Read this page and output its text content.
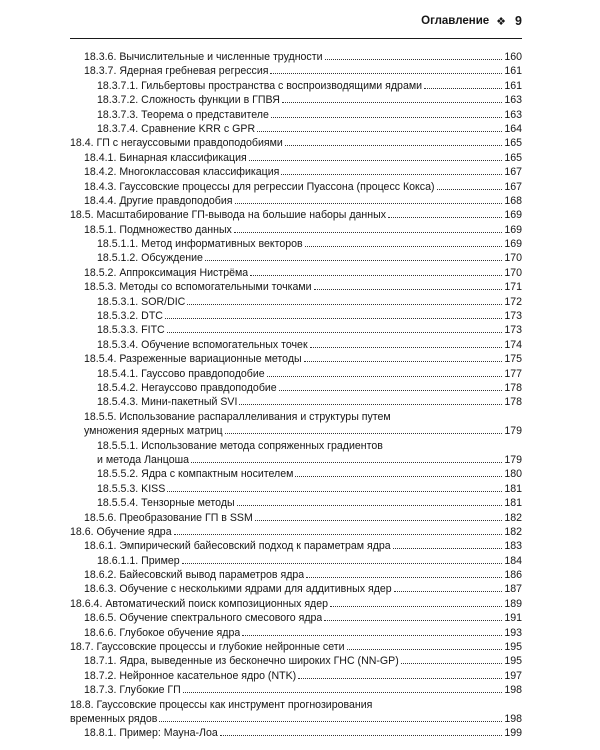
Оглавление ❖ 9
18.3.6. Вычислительные и численные трудности	160
18.3.7. Ядерная гребневая регрессия	161
18.3.7.1. Гильбертовы пространства с воспроизводящими ядрами	161
18.3.7.2. Сложность функции в ГПВЯ	163
18.3.7.3. Теорема о представителе	163
18.3.7.4. Сравнение KRR с GPR	164
18.4. ГП с негауссовыми правдоподобиями	165
18.4.1. Бинарная классификация	165
18.4.2. Многоклассовая классификация	167
18.4.3. Гауссовские процессы для регрессии Пуассона (процесс Кокса)	167
18.4.4. Другие правдоподобия	168
18.5. Масштабирование ГП-вывода на большие наборы данных	169
18.5.1. Подмножество данных	169
18.5.1.1. Метод информативных векторов	169
18.5.1.2. Обсуждение	170
18.5.2. Аппроксимация Нистрёма	170
18.5.3. Методы со вспомогательными точками	171
18.5.3.1. SOR/DIC	172
18.5.3.2. DTC	173
18.5.3.3. FITC	173
18.5.3.4. Обучение вспомогательных точек	174
18.5.4. Разреженные вариационные методы	175
18.5.4.1. Гауссово правдоподобие	177
18.5.4.2. Негауссово правдоподобие	178
18.5.4.3. Мини-пакетный SVI	178
18.5.5. Использование распараллеливания и структуры путем
умножения ядерных матриц	179
18.5.5.1. Использование метода сопряженных градиентов
и метода Ланцоша	179
18.5.5.2. Ядра с компактным носителем	180
18.5.5.3. KISS	181
18.5.5.4. Тензорные методы	181
18.5.6. Преобразование ГП в SSM	182
18.6. Обучение ядра	182
18.6.1. Эмпирический байесовский подход к параметрам ядра	183
18.6.1.1. Пример	184
18.6.2. Байесовский вывод параметров ядра	186
18.6.3. Обучение с несколькими ядрами для аддитивных ядер	187
18.6.4. Автоматический поиск композиционных ядер	189
18.6.5. Обучение спектрального смесового ядра	191
18.6.6. Глубокое обучение ядра	193
18.7. Гауссовские процессы и глубокие нейронные сети	195
18.7.1. Ядра, выведенные из бесконечно широких ГНС (NN-GP)	195
18.7.2. Нейронное касательное ядро (NTK)	197
18.7.3. Глубокие ГП	198
18.8. Гауссовские процессы как инструмент прогнозирования
временных рядов	198
18.8.1. Пример: Мауна-Лоа	199
